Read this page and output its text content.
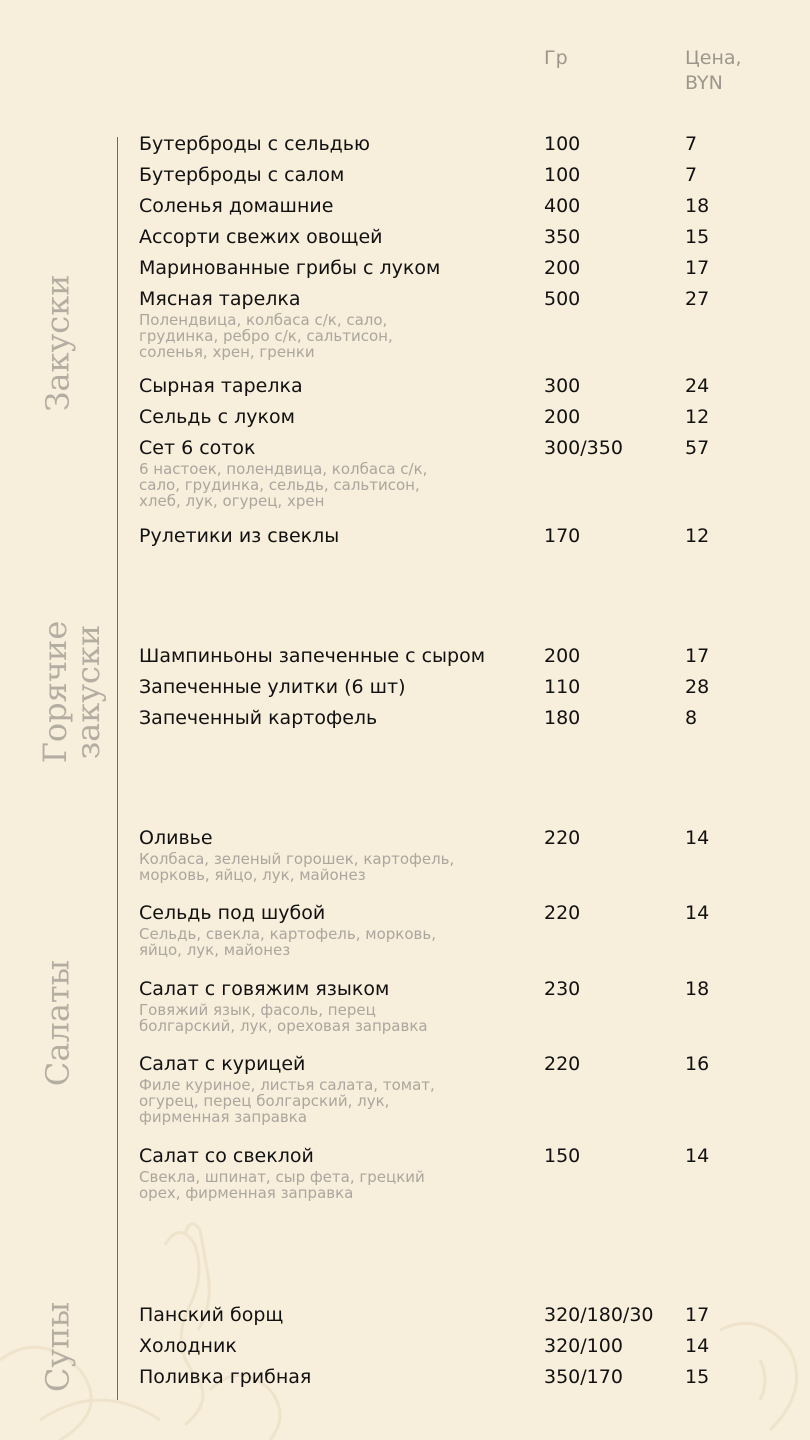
Гр	Цена,
BYN
Закуски
Горячие
закуски
Салаты
Супы
Бутерброды с сельдью	100	7
Бутерброды с салом	100	7
Соленья домашние	400	18
Ассорти свежих овощей	350	15
Маринованные грибы с луком	200	17
Мясная тарелка	500	27
Полендвица, колбаса с/к, сало,
грудинка, ребро с/к, сальтисон,
соленья, хрен, гренки
Сырная тарелка	300	24
Сельдь с луком	200	12
Сет 6 соток	300/350	57
6 настоек, полендвица, колбаса с/к,
сало, грудинка, сельдь, сальтисон,
хлеб, лук, огурец, хрен
Рулетики из свеклы	170	12
Шампиньоны запеченные с сыром	200	17
Запеченные улитки (6 шт)	110	28
Запеченный картофель	180	8
Оливье	220	14
Колбаса, зеленый горошек, картофель,
морковь, яйцо, лук, майонез
Сельдь под шубой	220	14
Сельдь, свекла, картофель, морковь,
яйцо, лук, майонез
Салат с говяжим языком	230	18
Говяжий язык, фасоль, перец
болгарский, лук, ореховая заправка
Салат с курицей	220	16
Филе куриное, листья салата, томат,
огурец, перец болгарский, лук,
фирменная заправка
Салат со свеклой	150	14
Свекла, шпинат, сыр фета, грецкий
орех, фирменная заправка
Панский борщ	320/180/30 17
Холодник	320/100	14
Поливка грибная	350/170	15
